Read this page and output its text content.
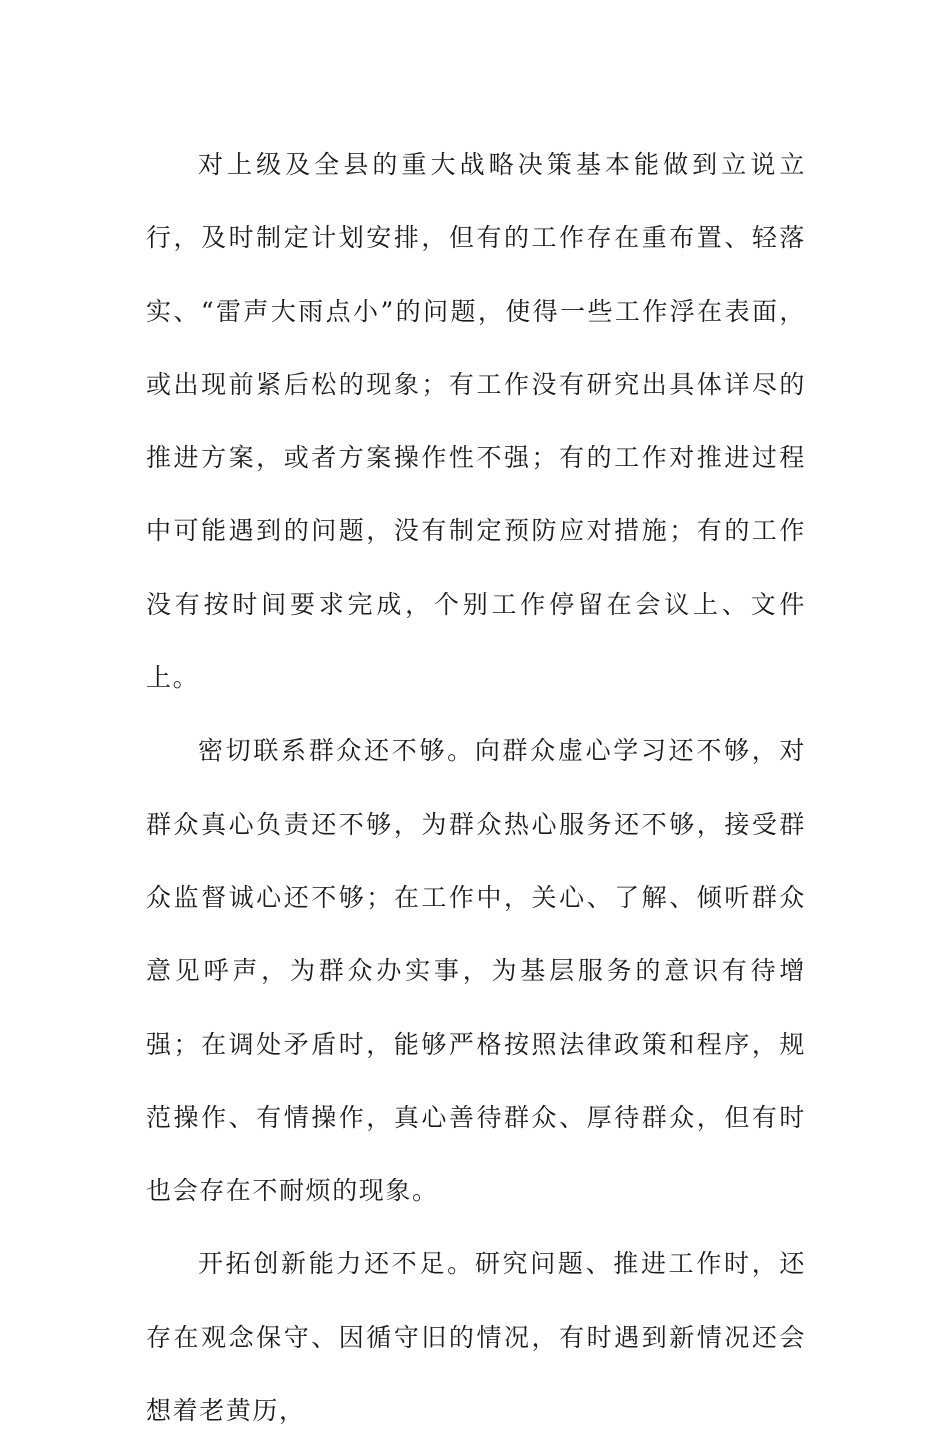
对上级及全县的重大战略决策基本能做到立说立行，及时制定计划安排，但有的工作存在重布置、轻落实、“雷声大雨点小”的问题，使得一些工作浮在表面，或出现前紧后松的现象；有工作没有研究出具体详尽的推进方案，或者方案操作性不强；有的工作对推进过程中可能遇到的问题，没有制定预防应对措施；有的工作没有按时间要求完成，个别工作停留在会议上、文件上。

密切联系群众还不够。向群众虚心学习还不够，对群众真心负责还不够，为群众热心服务还不够，接受群众监督诚心还不够；在工作中，关心、了解、倾听群众意见呼声，为群众办实事，为基层服务的意识有待增强；在调处矛盾时，能够严格按照法律政策和程序，规范操作、有情操作，真心善待群众、厚待群众，但有时也会存在不耐烦的现象。

开拓创新能力还不足。研究问题、推进工作时，还存在观念保守、因循守旧的情况，有时遇到新情况还会想着老黄历，
